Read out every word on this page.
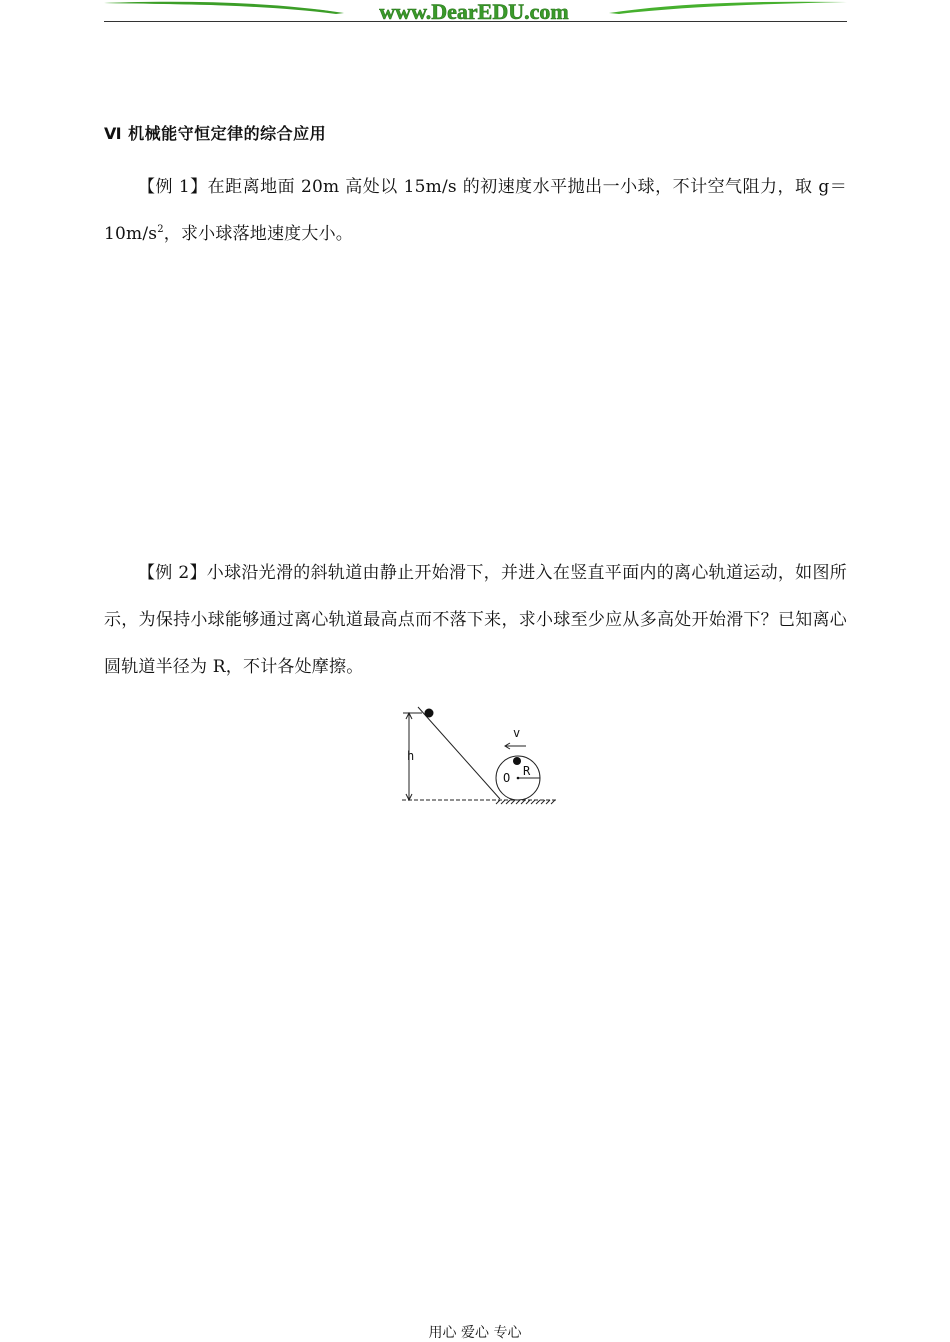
www.DearEDU.com
Ⅵ 机械能守恒定律的综合应用
【例 1】在距离地面 20m 高处以 15m/s 的初速度水平抛出一小球，不计空气阻力，取 $g=10m/s^2$，求小球落地速度大小。
【例 2】小球沿光滑的斜轨道由静止开始滑下，并进入在竖直平面内的离心轨道运动，如图所示，为保持小球能够通过离心轨道最高点而不落下来，求小球至少应从多高处开始滑下？已知离心圆轨道半径为 R，不计各处摩擦。
h
v
O R
用心 爱心 专心
